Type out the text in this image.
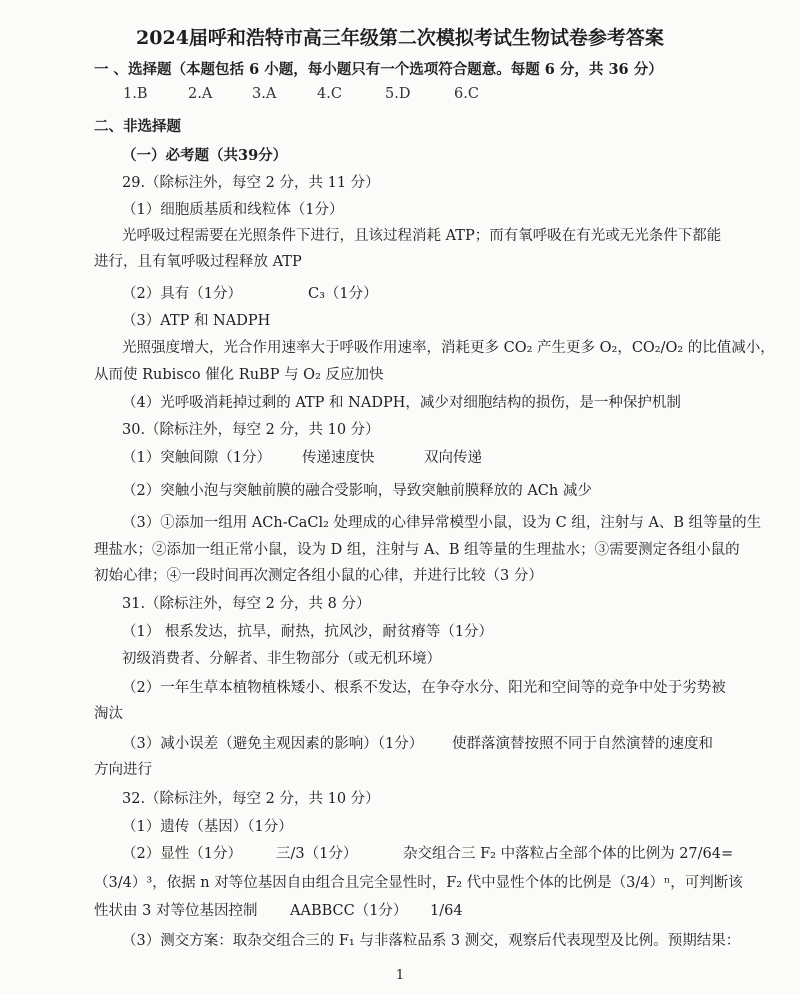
2024届呼和浩特市高三年级第二次模拟考试生物试卷参考答案
一 、选择题（本题包括 6 小题，每小题只有一个选项符合题意。每题 6 分，共 36 分）
1.B	2.A	3.A	4.C	5.D	6.C
二、非选择题
（一）必考题（共39分）
29.（除标注外，每空 2 分，共 11 分）
（1）细胞质基质和线粒体（1分）
光呼吸过程需要在光照条件下进行，且该过程消耗 ATP；而有氧呼吸在有光或无光条件下都能
进行，且有氧呼吸过程释放 ATP
（2）具有（1分）	C₃（1分）
（3）ATP 和 NADPH
光照强度增大，光合作用速率大于呼吸作用速率，消耗更多 CO₂ 产生更多 O₂，CO₂/O₂ 的比值减小，
从而使 Rubisco 催化 RuBP 与 O₂ 反应加快
（4）光呼吸消耗掉过剩的 ATP 和 NADPH，减少对细胞结构的损伤，是一种保护机制
30.（除标注外，每空 2 分，共 10 分）
（1）突触间隙（1分） 传递速度快	双向传递
（2）突触小泡与突触前膜的融合受影响，导致突触前膜释放的 ACh 减少
（3）①添加一组用 ACh-CaCl₂ 处理成的心律异常模型小鼠，设为 C 组，注射与 A、B 组等量的生
理盐水；②添加一组正常小鼠，设为 D 组，注射与 A、B 组等量的生理盐水；③需要测定各组小鼠的
初始心律；④一段时间再次测定各组小鼠的心律，并进行比较（3 分）
31.（除标注外，每空 2 分，共 8 分）
（1） 根系发达，抗旱，耐热，抗风沙，耐贫瘠等（1分）
初级消费者、分解者、非生物部分（或无机环境）
（2）一年生草本植物植株矮小、根系不发达，在争夺水分、阳光和空间等的竞争中处于劣势被
淘汰
（3）减小误差（避免主观因素的影响）（1分） 使群落演替按照不同于自然演替的速度和
方向进行
32.（除标注外，每空 2 分，共 10 分）
（1）遗传（基因）（1分）
（2）显性（1分） 三/3（1分）	杂交组合三 F₂ 中落粒占全部个体的比例为 27/64=
（3/4）³，依据 n 对等位基因自由组合且完全显性时，F₂ 代中显性个体的比例是（3/4）ⁿ，可判断该
性状由 3 对等位基因控制 AABBCC（1分） 1/64
（3）测交方案：取杂交组合三的 F₁ 与非落粒品系 3 测交，观察后代表现型及比例。预期结果：
1
